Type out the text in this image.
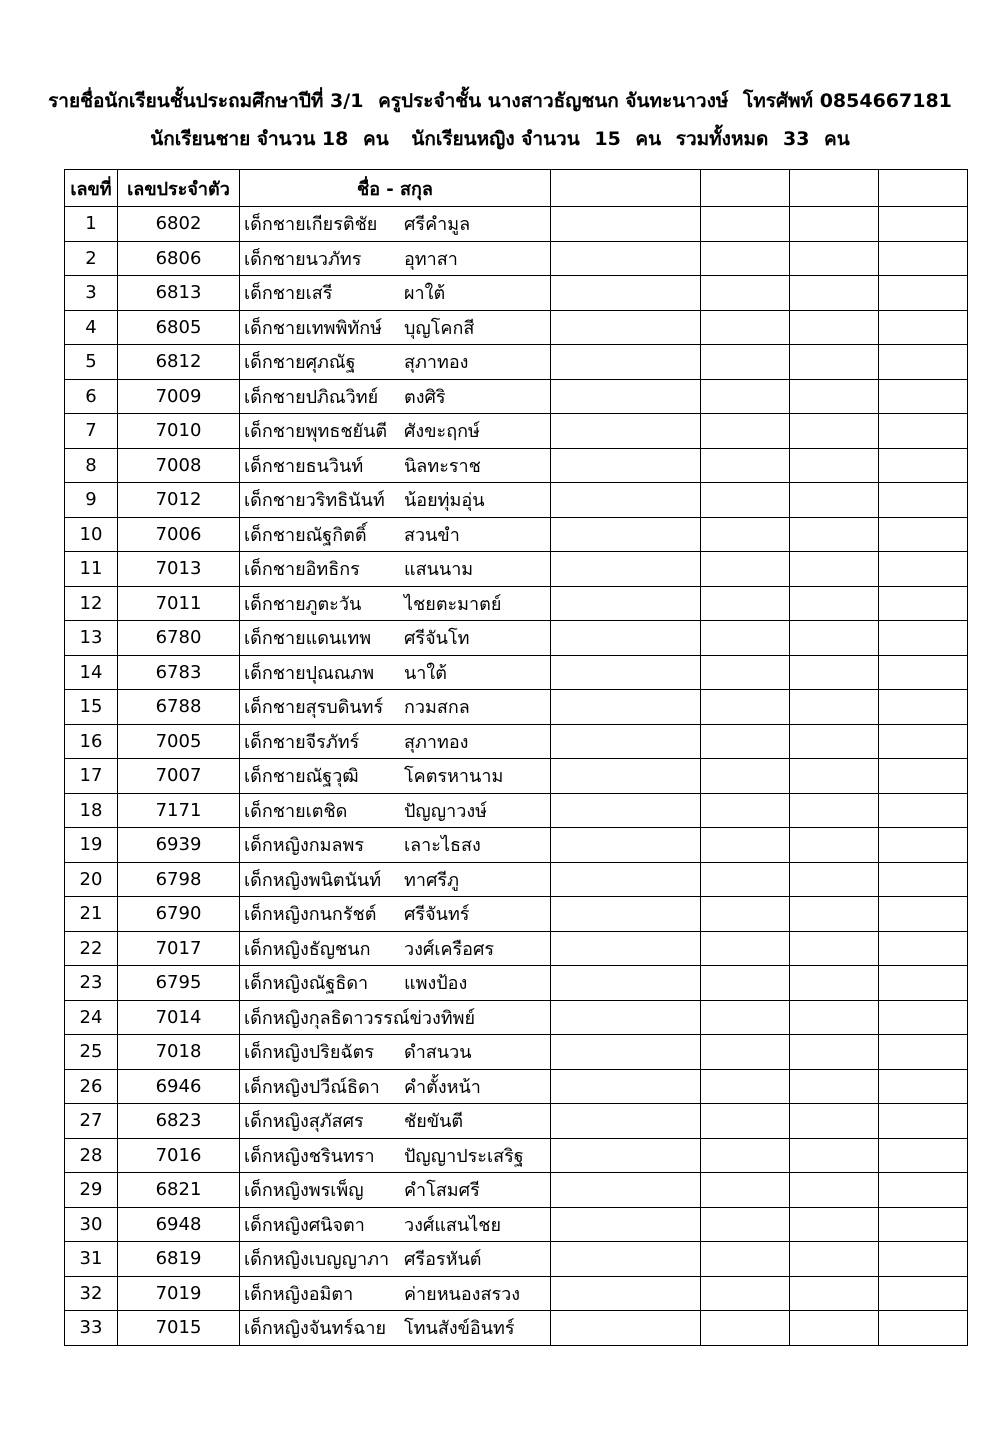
รายชื่อนักเรียนชั้นประถมศึกษาปีที่ 3/1 ครูประจำชั้น นางสาวธัญชนก จันทะนาวงษ์ โทรศัพท์ 0854667181
นักเรียนชาย จำนวน 18 คน นักเรียนหญิง จำนวน 15 คน รวมทั้งหมด 33 คน
เลขที่	เลขประจำตัว	ชื่อ - สกุล				
1	6802	เด็กชายเกียรติชัย ศรีคำมูล				
2	6806	เด็กชายนวภัทร อุทาสา				
3	6813	เด็กชายเสรี ผาใต้				
4	6805	เด็กชายเทพพิทักษ์ บุญโคกสี				
5	6812	เด็กชายศุภณัฐ สุภาทอง				
6	7009	เด็กชายปภิณวิทย์ ตงศิริ				
7	7010	เด็กชายพุทธชยันตี ศังขะฤกษ์				
8	7008	เด็กชายธนวินท์ นิลทะราช				
9	7012	เด็กชายวริทธินันท์ น้อยทุ่มอุ่น				
10	7006	เด็กชายณัฐกิตติ์ สวนขำ				
11	7013	เด็กชายอิทธิกร แสนนาม				
12	7011	เด็กชายภูตะวัน ไชยตะมาตย์				
13	6780	เด็กชายแดนเทพ ศรีจันโท				
14	6783	เด็กชายปุณณภพ นาใต้				
15	6788	เด็กชายสุรบดินทร์ กวมสกล				
16	7005	เด็กชายจีรภัทร์ สุภาทอง				
17	7007	เด็กชายณัฐวุฒิ โคตรหานาม				
18	7171	เด็กชายเตชิด ปัญญาวงษ์				
19	6939	เด็กหญิงกมลพร เลาะไธสง				
20	6798	เด็กหญิงพนิตนันท์ ทาศรีภู				
21	6790	เด็กหญิงกนกรัชต์ ศรีจันทร์				
22	7017	เด็กหญิงธัญชนก วงศ์เครือศร				
23	6795	เด็กหญิงณัฐธิดา แพงป้อง				
24	7014	เด็กหญิงกุลธิดาวรรณ์ข่วงทิพย์				
25	7018	เด็กหญิงปริยฉัตร ดำสนวน				
26	6946	เด็กหญิงปวีณ์ธิดา คำตั้งหน้า				
27	6823	เด็กหญิงสุภัสศร ชัยขันตี				
28	7016	เด็กหญิงชรินทรา ปัญญาประเสริฐ				
29	6821	เด็กหญิงพรเพ็ญ คำโสมศรี				
30	6948	เด็กหญิงศนิจตา วงศ์แสนไชย				
31	6819	เด็กหญิงเบญญาภา ศรีอรหันต์				
32	7019	เด็กหญิงอมิตา ค่ายหนองสรวง				
33	7015	เด็กหญิงจันทร์ฉาย โทนสังข์อินทร์				
